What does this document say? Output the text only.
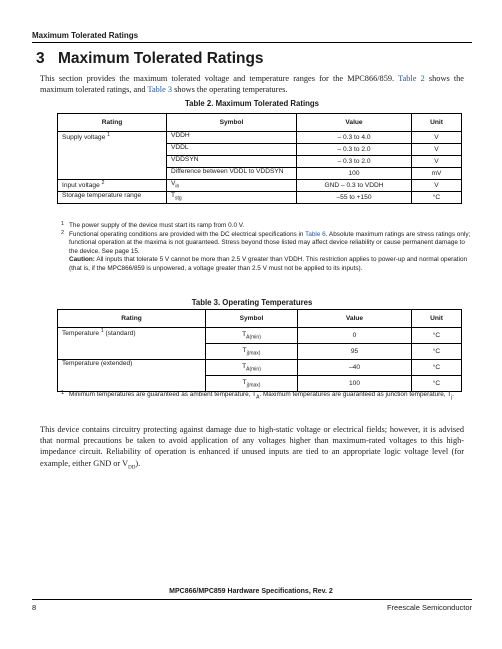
Maximum Tolerated Ratings
3 Maximum Tolerated Ratings

This section provides the maximum tolerated voltage and temperature ranges for the MPC866/859. Table 2 shows the maximum tolerated ratings, and Table 3 shows the operating temperatures.

Table 2. Maximum Tolerated Ratings
Rating	Symbol	Value	Unit
Supply voltage $^1$	VDDH	– 0.3 to 4.0	V
	VDDL	– 0.3 to 2.0	V
	VDDSYN	– 0.3 to 2.0	V
	Difference between VDDL to VDDSYN	100	mV
Input voltage $^2$	$V_{in}$	GND – 0.3 to VDDH	V
Storage temperature range	$T_{stg}$	–55 to +150	°C
1 The power supply of the device must start its ramp from 0.0 V.
2 Functional operating conditions are provided with the DC electrical specifications in Table 6. Absolute maximum ratings are stress ratings only; functional operation at the maxima is not guaranteed. Stress beyond those listed may affect device reliability or cause permanent damage to the device. See page 15.
Caution: All inputs that tolerate 5 V cannot be more than 2.5 V greater than VDDH. This restriction applies to power-up and normal operation (that is, if the MPC866/859 is unpowered, a voltage greater than 2.5 V must not be applied to its inputs).
Table 3. Operating Temperatures
Rating	Symbol	Value	Unit
Temperature $^1$ (standard)	$T_{A(min)}$	0	°C
	$T_{j(max)}$	95	°C
Temperature (extended)	$T_{A(min)}$	–40	°C
	$T_{j(max)}$	100	°C
1 Minimum temperatures are guaranteed as ambient temperature, $T_A$. Maximum temperatures are guaranteed as junction temperature, $T_j$.

This device contains circuitry protecting against damage due to high-static voltage or electrical fields; however, it is advised that normal precautions be taken to avoid application of any voltages higher than maximum-rated voltages to this high-impedance circuit. Reliability of operation is enhanced if unused inputs are tied to an appropriate logic voltage level (for example, either GND or $V_{DD}$).

MPC866/MPC859 Hardware Specifications, Rev. 2
8	Freescale Semiconductor
